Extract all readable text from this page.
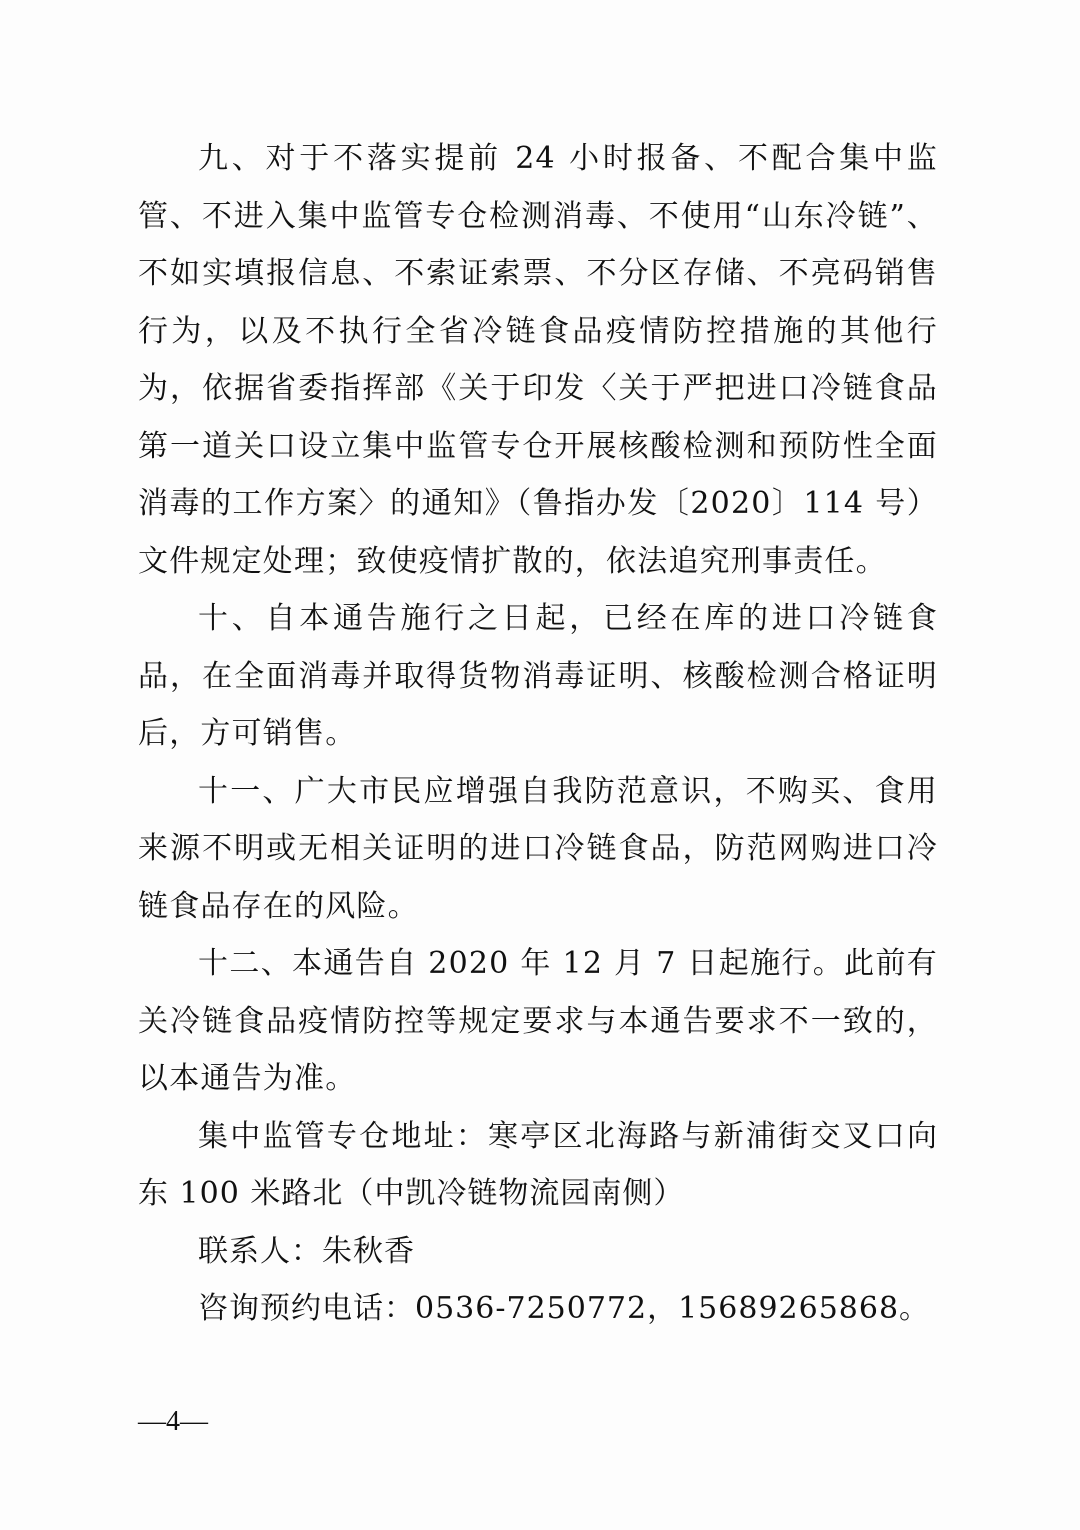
九、对于不落实提前 24 小时报备、不配合集中监管、不进入集中监管专仓检测消毒、不使用“山东冷链”、不如实填报信息、不索证索票、不分区存储、不亮码销售行为，以及不执行全省冷链食品疫情防控措施的其他行为，依据省委指挥部《关于印发〈关于严把进口冷链食品第一道关口设立集中监管专仓开展核酸检测和预防性全面消毒的工作方案〉的通知》（鲁指办发〔2020〕114 号）文件规定处理；致使疫情扩散的，依法追究刑事责任。

十、自本通告施行之日起，已经在库的进口冷链食品，在全面消毒并取得货物消毒证明、核酸检测合格证明后，方可销售。

十一、广大市民应增强自我防范意识，不购买、食用来源不明或无相关证明的进口冷链食品，防范网购进口冷链食品存在的风险。

十二、本通告自 2020 年 12 月 7 日起施行。此前有关冷链食品疫情防控等规定要求与本通告要求不一致的，以本通告为准。

集中监管专仓地址：寒亭区北海路与新浦街交叉口向东 100 米路北（中凯冷链物流园南侧）

联系人：朱秋香

咨询预约电话：0536-7250772，15689265868。

—4—
